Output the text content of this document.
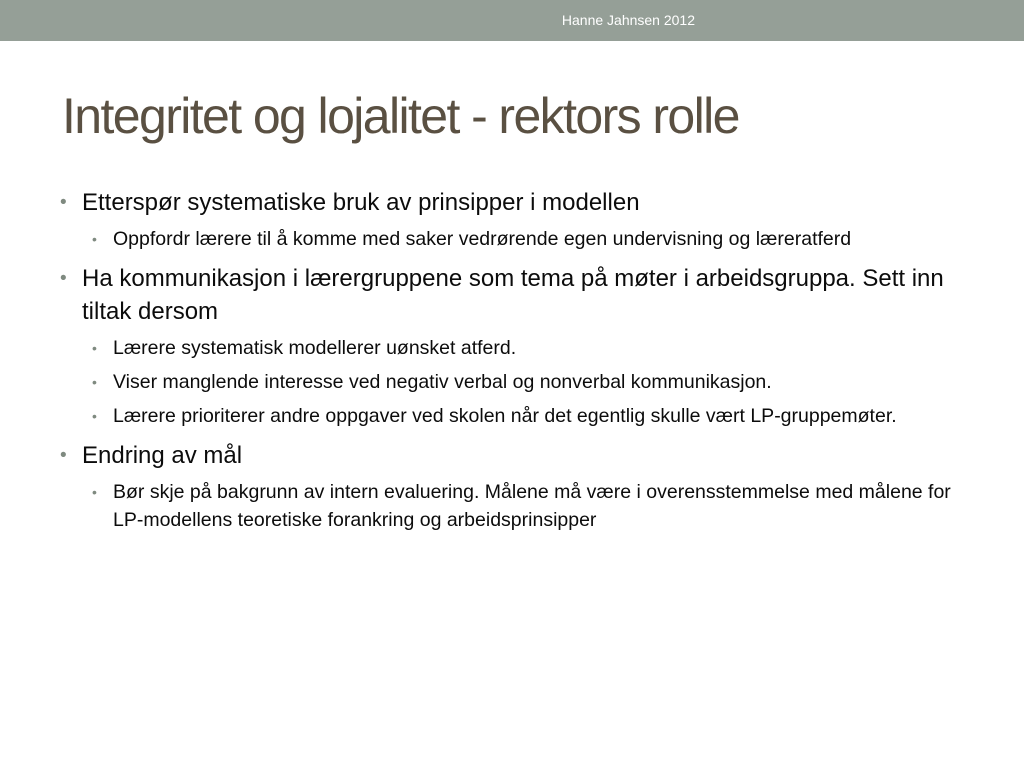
Hanne Jahnsen 2012
Integritet og lojalitet - rektors rolle
• Etterspør systematiske bruk av prinsipper i modellen
• Oppfordr lærere til å komme med saker vedrørende egen undervisning og læreratferd
• Ha kommunikasjon i lærergruppene som tema på møter i arbeidsgruppa. Sett inn tiltak dersom
• Lærere systematisk modellerer uønsket atferd.
• Viser manglende interesse ved negativ verbal og nonverbal kommunikasjon.
• Lærere prioriterer andre oppgaver ved skolen når det egentlig skulle vært LP-gruppemøter.
• Endring av mål
• Bør skje på bakgrunn av intern evaluering. Målene må være i overensstemmelse med målene for LP-modellens teoretiske forankring og arbeidsprinsipper
